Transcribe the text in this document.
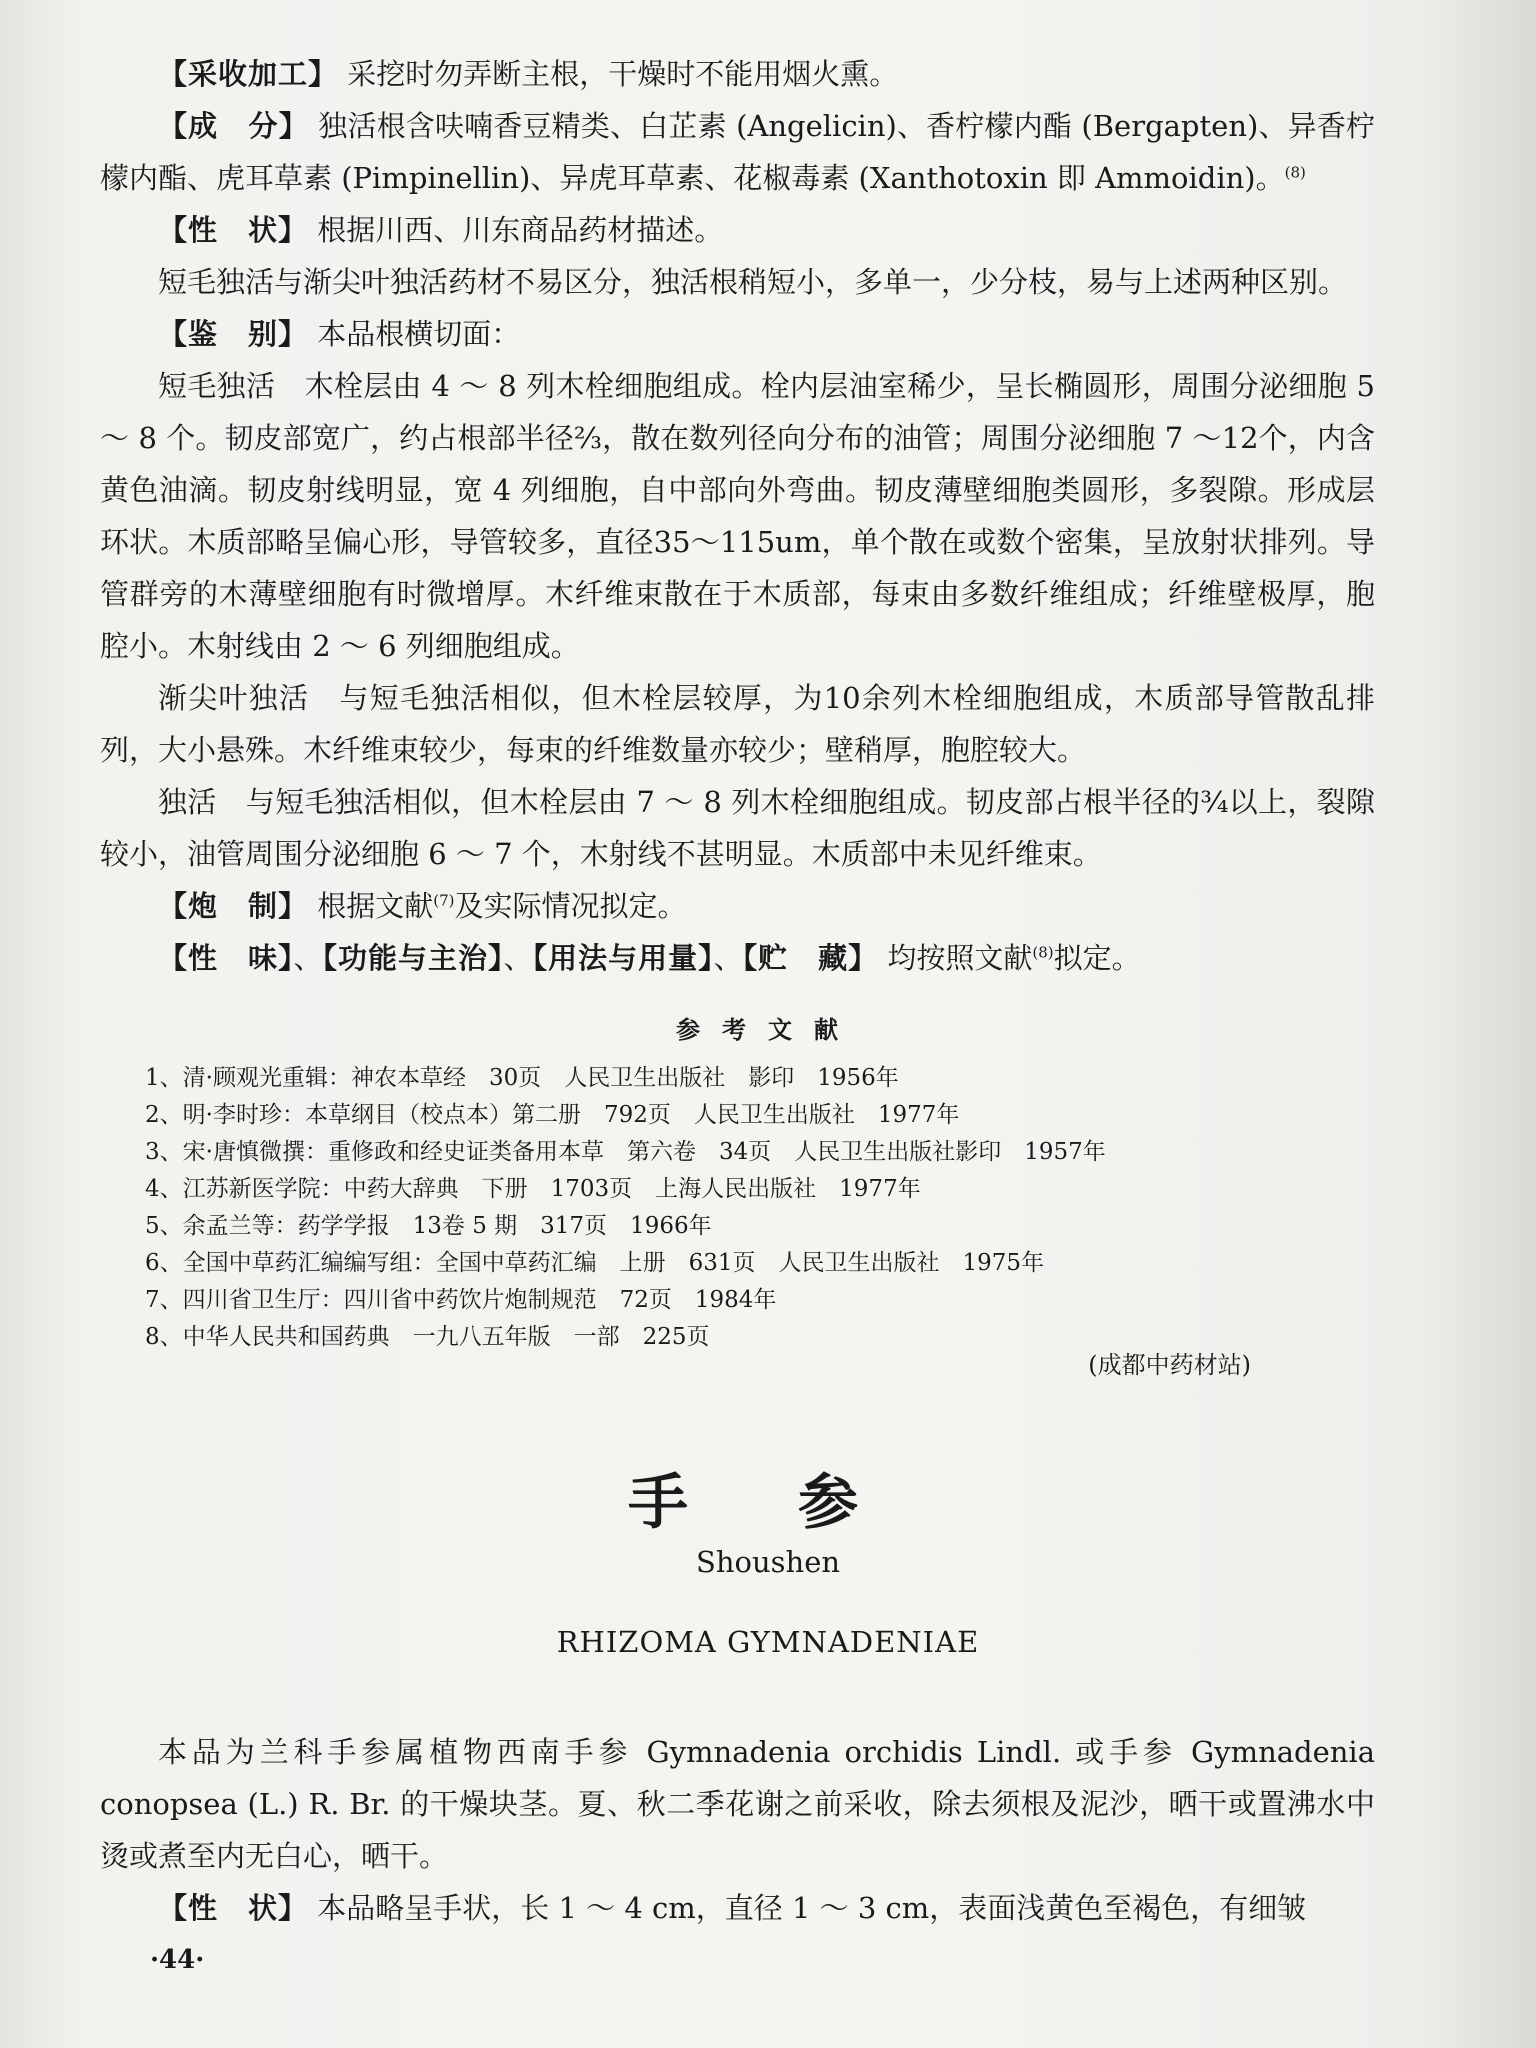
【采收加工】 采挖时勿弄断主根，干燥时不能用烟火熏。

【成　分】 独活根含呋喃香豆精类、白芷素 (Angelicin)、香柠檬内酯 (Bergapten)、异香柠檬内酯、虎耳草素 (Pimpinellin)、异虎耳草素、花椒毒素 (Xanthotoxin 即 Ammoidin)。$^{(8)}$

【性　状】 根据川西、川东商品药材描述。

短毛独活与渐尖叶独活药材不易区分，独活根稍短小，多单一，少分枝，易与上述两种区别。

【鉴　别】 本品根横切面：

短毛独活　木栓层由 4 ～ 8 列木栓细胞组成。栓内层油室稀少，呈长椭圆形，周围分泌细胞 5 ～ 8 个。韧皮部宽广，约占根部半径⅔，散在数列径向分布的油管；周围分泌细胞 7 ～12个，内含黄色油滴。韧皮射线明显，宽 4 列细胞，自中部向外弯曲。韧皮薄壁细胞类圆形，多裂隙。形成层环状。木质部略呈偏心形，导管较多，直径35～115um，单个散在或数个密集，呈放射状排列。导管群旁的木薄壁细胞有时微增厚。木纤维束散在于木质部，每束由多数纤维组成；纤维壁极厚，胞腔小。木射线由 2 ～ 6 列细胞组成。

渐尖叶独活　与短毛独活相似，但木栓层较厚，为10余列木栓细胞组成，木质部导管散乱排列，大小悬殊。木纤维束较少，每束的纤维数量亦较少；壁稍厚，胞腔较大。

独活　与短毛独活相似，但木栓层由 7 ～ 8 列木栓细胞组成。韧皮部占根半径的¾以上，裂隙较小，油管周围分泌细胞 6 ～ 7 个，木射线不甚明显。木质部中未见纤维束。

【炮　制】 根据文献$^{(7)}$及实际情况拟定。

【性　味】、【功能与主治】、【用法与用量】、【贮　藏】 均按照文献$^{(8)}$拟定。

参考文献
1、清·顾观光重辑：神农本草经　30页　人民卫生出版社　影印　1956年
2、明·李时珍：本草纲目（校点本）第二册　792页　人民卫生出版社　1977年
3、宋·唐慎微撰：重修政和经史证类备用本草　第六卷　34页　人民卫生出版社影印　1957年
4、江苏新医学院：中药大辞典　下册　1703页　上海人民出版社　1977年
5、余孟兰等：药学学报　13卷 5 期　317页　1966年
6、全国中草药汇编编写组：全国中草药汇编　上册　631页　人民卫生出版社　1975年
7、四川省卫生厅：四川省中药饮片炮制规范　72页　1984年
8、中华人民共和国药典　一九八五年版　一部　225页
(成都中药材站)
手参
Shoushen
RHIZOMA GYMNADENIAE

本品为兰科手参属植物西南手参 Gymnadenia orchidis Lindl. 或手参 Gymnadenia conopsea (L.) R. Br. 的干燥块茎。夏、秋二季花谢之前采收，除去须根及泥沙，晒干或置沸水中烫或煮至内无白心，晒干。

【性　状】 本品略呈手状，长 1 ～ 4 cm，直径 1 ～ 3 cm，表面浅黄色至褐色，有细皱

·44·
